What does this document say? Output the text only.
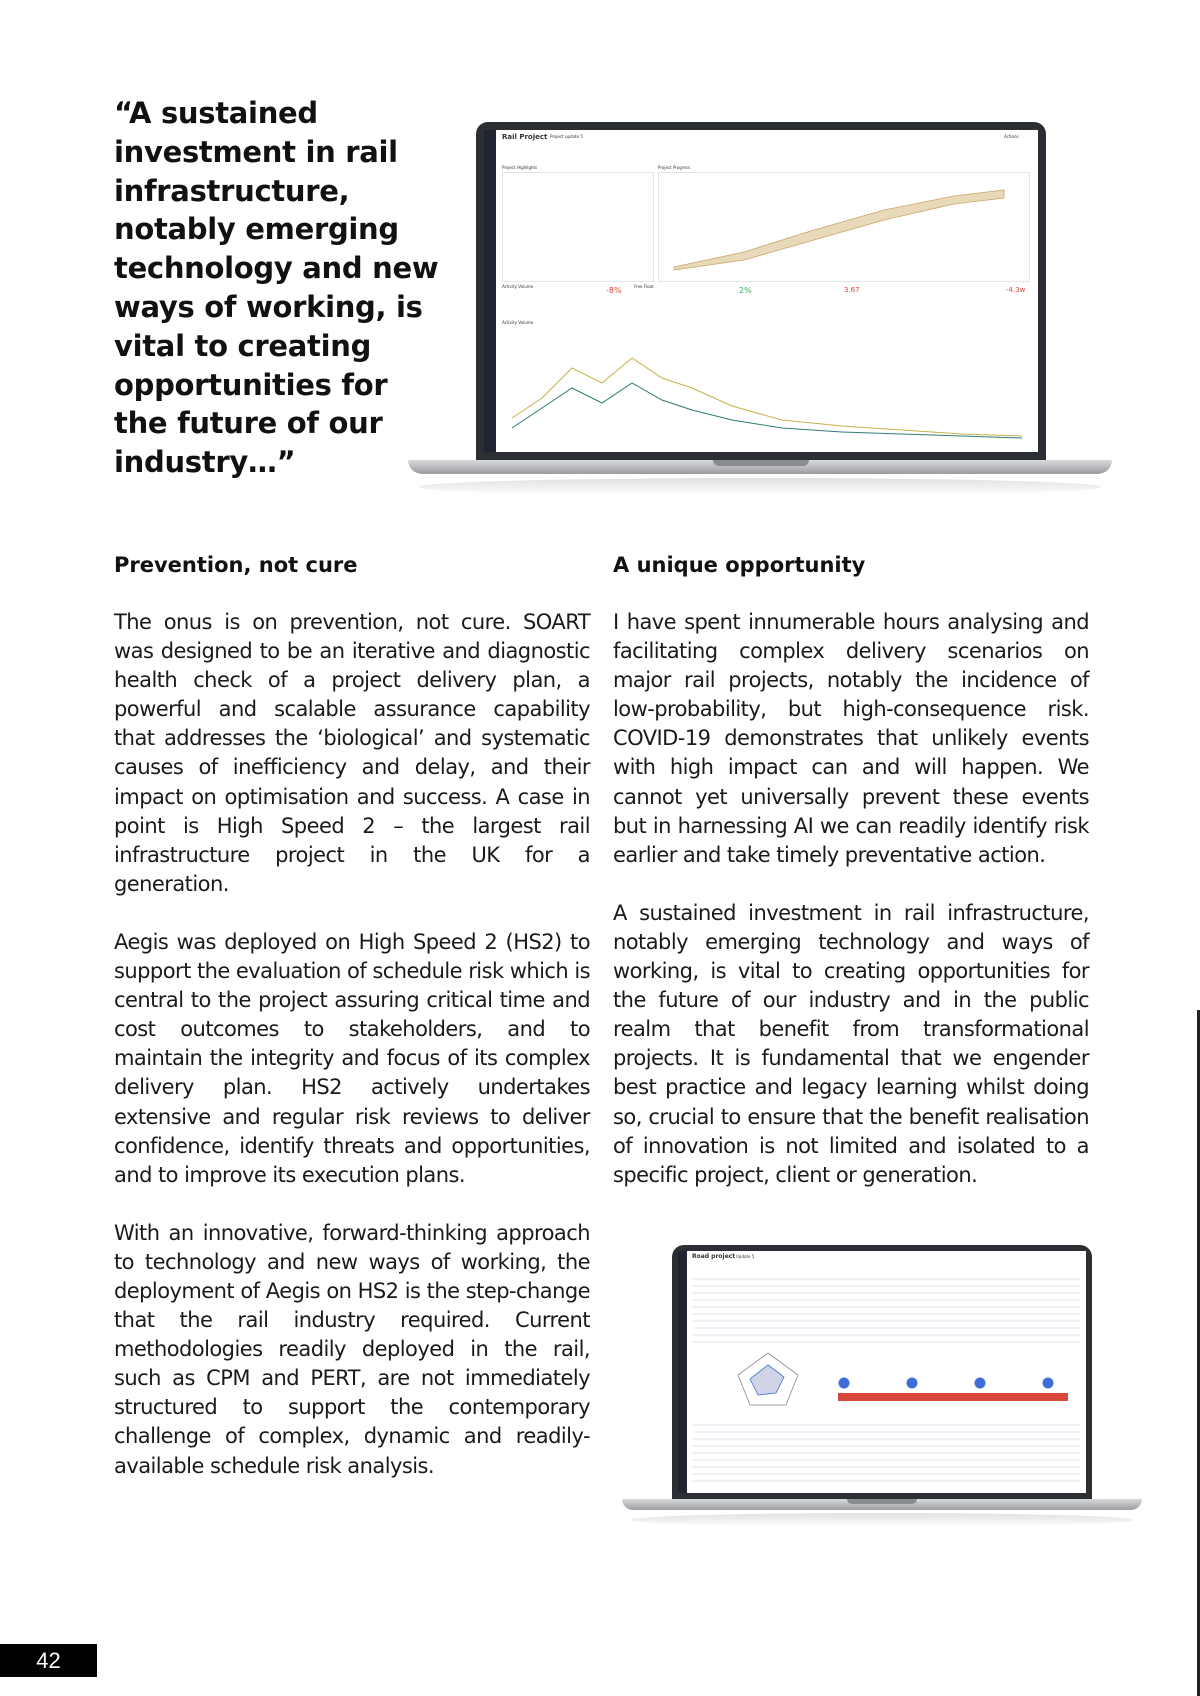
“A sustained investment in rail infrastructure, notably emerging technology and new ways of working, is vital to creating opportunities for the future of our industry…”
Rail Project Project update 5	Actions
Project Highlights	Project Progress
Activity Volume	Free Float
-8%	2%	3.67	-4.3w
Activity Volume
Prevention, not cure

The onus is on prevention, not cure. SOART was designed to be an iterative and diagnostic health check of a project delivery plan, a powerful and scalable assurance capability that addresses the ‘biological’ and systematic causes of inefficiency and delay, and their impact on optimisation and success. A case in point is High Speed 2 – the largest rail infrastructure project in the UK for a generation.

Aegis was deployed on High Speed 2 (HS2) to support the evaluation of schedule risk which is central to the project assuring critical time and cost outcomes to stakeholders, and to maintain the integrity and focus of its complex delivery plan. HS2 actively undertakes extensive and regular risk reviews to deliver confidence, identify threats and opportunities, and to improve its execution plans.

With an innovative, forward-thinking approach to technology and new ways of working, the deployment of Aegis on HS2 is the step-change that the rail industry required. Current methodologies readily deployed in the rail, such as CPM and PERT, are not immediately structured to support the contemporary challenge of complex, dynamic and readily-available schedule risk analysis.

A unique opportunity

I have spent innumerable hours analysing and facilitating complex delivery scenarios on major rail projects, notably the incidence of low-probability, but high-consequence risk. COVID-19 demonstrates that unlikely events with high impact can and will happen. We cannot yet universally prevent these events but in harnessing AI we can readily identify risk earlier and take timely preventative action.

A sustained investment in rail infrastructure, notably emerging technology and ways of working, is vital to creating opportunities for the future of our industry and in the public realm that benefit from transformational projects. It is fundamental that we engender best practice and legacy learning whilst doing so, crucial to ensure that the benefit realisation of innovation is not limited and isolated to a specific project, client or generation.

Road project Update 5
42
